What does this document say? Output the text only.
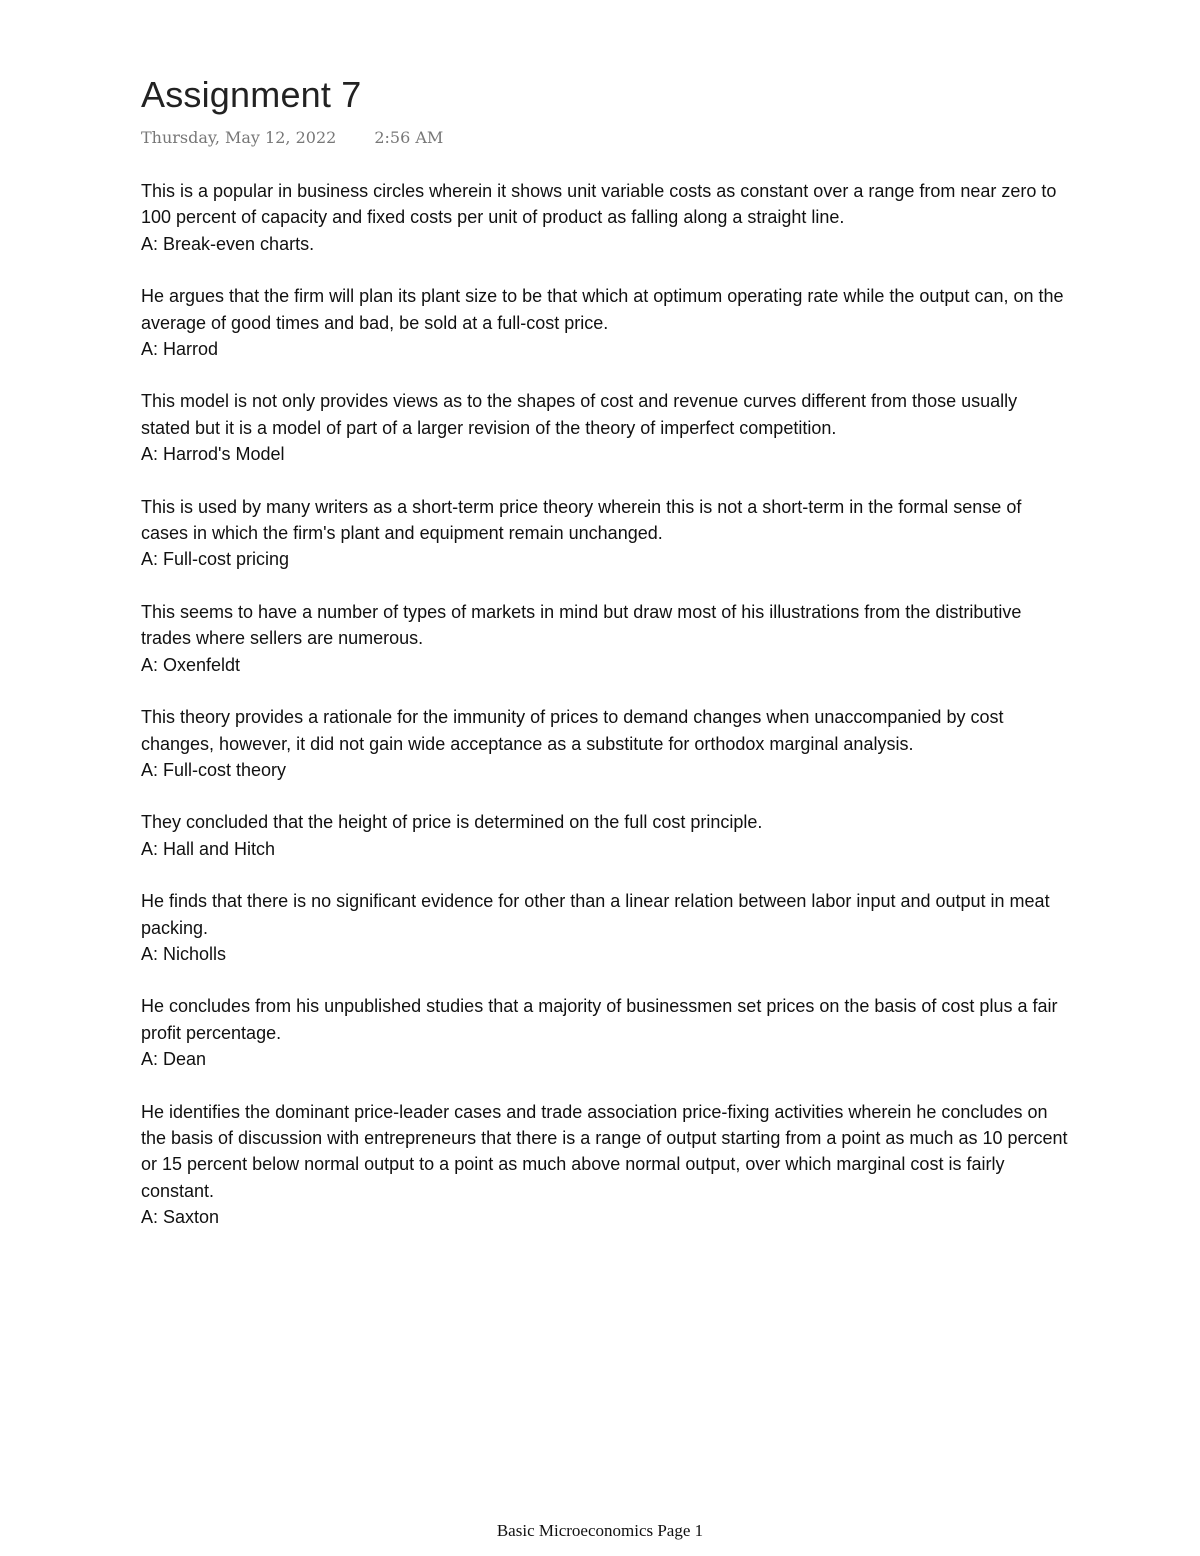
Assignment 7
Thursday, May 12, 2022 2:56 AM
This is a popular in business circles wherein it shows unit variable costs as constant over a range from near zero to 100 percent of capacity and fixed costs per unit of product as falling along a straight line.
A: Break-even charts.
He argues that the firm will plan its plant size to be that which at optimum operating rate while the output can, on the average of good times and bad, be sold at a full-cost price.
A: Harrod
This model is not only provides views as to the shapes of cost and revenue curves different from those usually stated but it is a model of part of a larger revision of the theory of imperfect competition.
A: Harrod's Model
This is used by many writers as a short-term price theory wherein this is not a short-term in the formal sense of cases in which the firm's plant and equipment remain unchanged.
A: Full-cost pricing
This seems to have a number of types of markets in mind but draw most of his illustrations from the distributive trades where sellers are numerous.
A: Oxenfeldt
This theory provides a rationale for the immunity of prices to demand changes when unaccompanied by cost changes, however, it did not gain wide acceptance as a substitute for orthodox marginal analysis.
A: Full-cost theory
They concluded that the height of price is determined on the full cost principle.
A: Hall and Hitch
He finds that there is no significant evidence for other than a linear relation between labor input and output in meat packing.
A: Nicholls
He concludes from his unpublished studies that a majority of businessmen set prices on the basis of cost plus a fair profit percentage.
A: Dean
He identifies the dominant price-leader cases and trade association price-fixing activities wherein he concludes on the basis of discussion with entrepreneurs that there is a range of output starting from a point as much as 10 percent or 15 percent below normal output to a point as much above normal output, over which marginal cost is fairly constant.
A: Saxton
Basic Microeconomics Page 1
